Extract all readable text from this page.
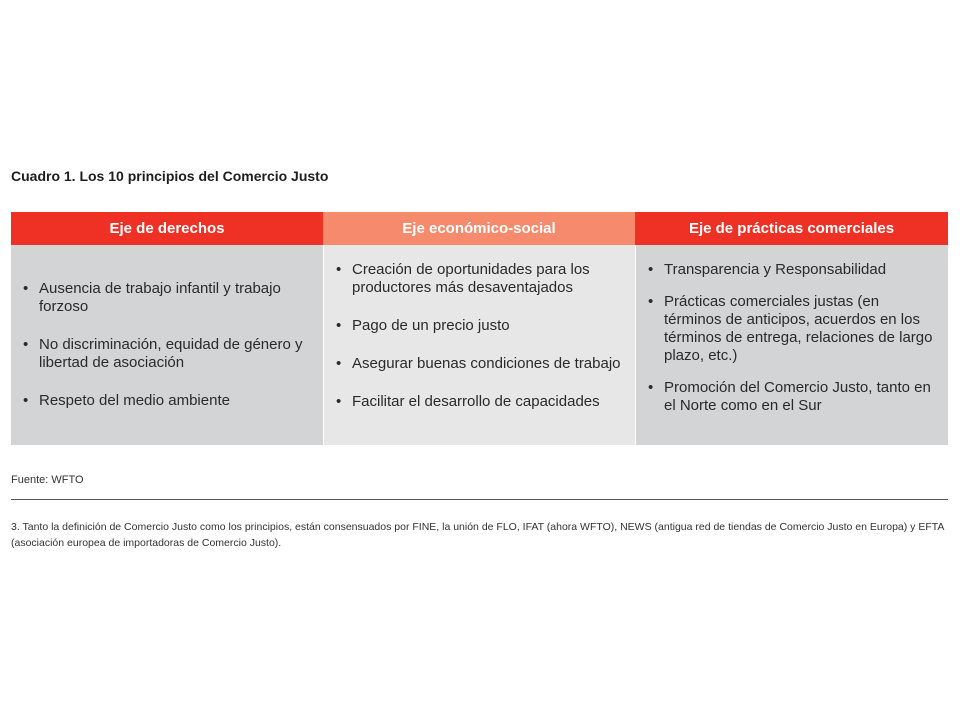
Cuadro 1. Los 10 principios del Comercio Justo
Eje de derechos	Eje económico-social	Eje de prácticas comerciales
• Ausencia de trabajo infantil y trabajo forzoso
• No discriminación, equidad de género y libertad de asociación
• Respeto del medio ambiente
• Creación de oportunidades para los productores más desaventajados
• Pago de un precio justo
• Asegurar buenas condiciones de trabajo
• Facilitar el desarrollo de capacidades
• Transparencia y Responsabilidad
• Prácticas comerciales justas (en términos de anticipos, acuerdos en los términos de entrega, relaciones de largo plazo, etc.)
• Promoción del Comercio Justo, tanto en el Norte como en el Sur
Fuente: WFTO
3. Tanto la definición de Comercio Justo como los principios, están consensuados por FINE, la unión de FLO, IFAT (ahora WFTO), NEWS (antigua red de tiendas de Comercio Justo en Europa) y EFTA (asociación europea de importadoras de Comercio Justo).
